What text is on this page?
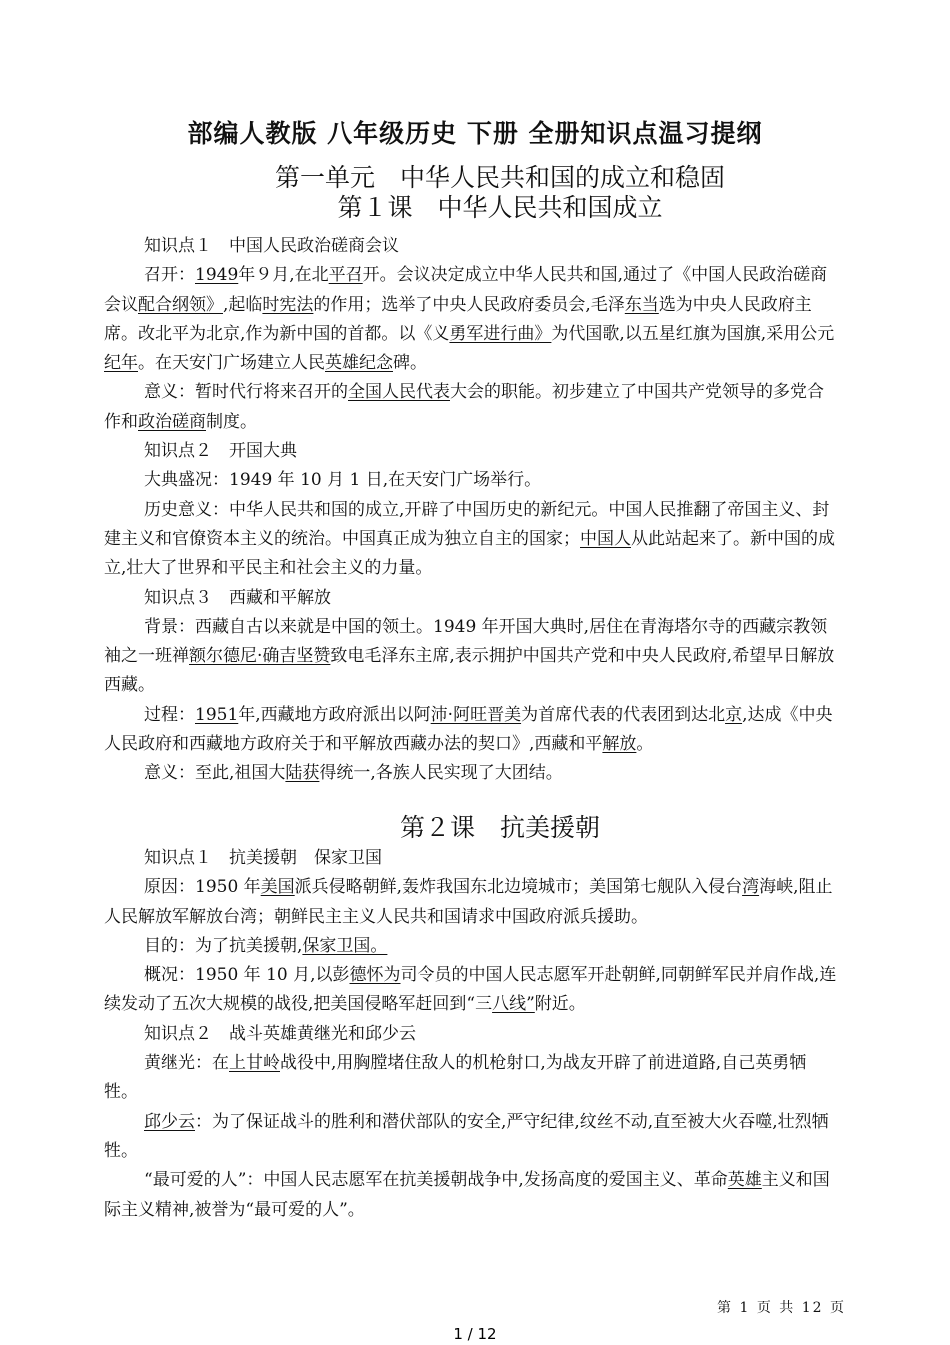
部编人教版 八年级历史 下册 全册知识点温习提纲
第一单元　中华人民共和国的成立和稳固
第１课　中华人民共和国成立

知识点１　中国人民政治磋商会议

召开：1949年９月,在北平召开。会议决定成立中华人民共和国,通过了《中国人民政治磋商会议配合纲领》,起临时宪法的作用；选举了中央人民政府委员会,毛泽东当选为中央人民政府主席。改北平为北京,作为新中国的首都。以《义勇军进行曲》为代国歌,以五星红旗为国旗,采用公元纪年。在天安门广场建立人民英雄纪念碑。

意义：暂时代行将来召开的全国人民代表大会的职能。初步建立了中国共产党领导的多党合作和政治磋商制度。

知识点２　开国大典

大典盛况：1949 年 10 月 1 日,在天安门广场举行。

历史意义：中华人民共和国的成立,开辟了中国历史的新纪元。中国人民推翻了帝国主义、封建主义和官僚资本主义的统治。中国真正成为独立自主的国家；中国人从此站起来了。新中国的成立,壮大了世界和平民主和社会主义的力量。

知识点３　西藏和平解放

背景：西藏自古以来就是中国的领土。1949 年开国大典时,居住在青海塔尔寺的西藏宗教领袖之一班禅额尔德尼·确吉坚赞致电毛泽东主席,表示拥护中国共产党和中央人民政府,希望早日解放西藏。

过程：1951年,西藏地方政府派出以阿沛·阿旺晋美为首席代表的代表团到达北京,达成《中央人民政府和西藏地方政府关于和平解放西藏办法的契口》,西藏和平解放。

意义：至此,祖国大陆获得统一,各族人民实现了大团结。

第２课　抗美援朝

知识点１　抗美援朝　保家卫国

原因：1950 年美国派兵侵略朝鲜,轰炸我国东北边境城市；美国第七舰队入侵台湾海峡,阻止人民解放军解放台湾；朝鲜民主主义人民共和国请求中国政府派兵援助。

目的：为了抗美援朝,保家卫国。

概况：1950 年 10 月,以彭德怀为司令员的中国人民志愿军开赴朝鲜,同朝鲜军民并肩作战,连续发动了五次大规模的战役,把美国侵略军赶回到“三八线”附近。

知识点２　战斗英雄黄继光和邱少云

黄继光：在上甘岭战役中,用胸膛堵住敌人的机枪射口,为战友开辟了前进道路,自己英勇牺牲。

邱少云：为了保证战斗的胜利和潜伏部队的安全,严守纪律,纹丝不动,直至被大火吞噬,壮烈牺牲。

“最可爱的人”：中国人民志愿军在抗美援朝战争中,发扬高度的爱国主义、革命英雄主义和国际主义精神,被誉为“最可爱的人”。

第 1 页 共 12 页
1 / 12
